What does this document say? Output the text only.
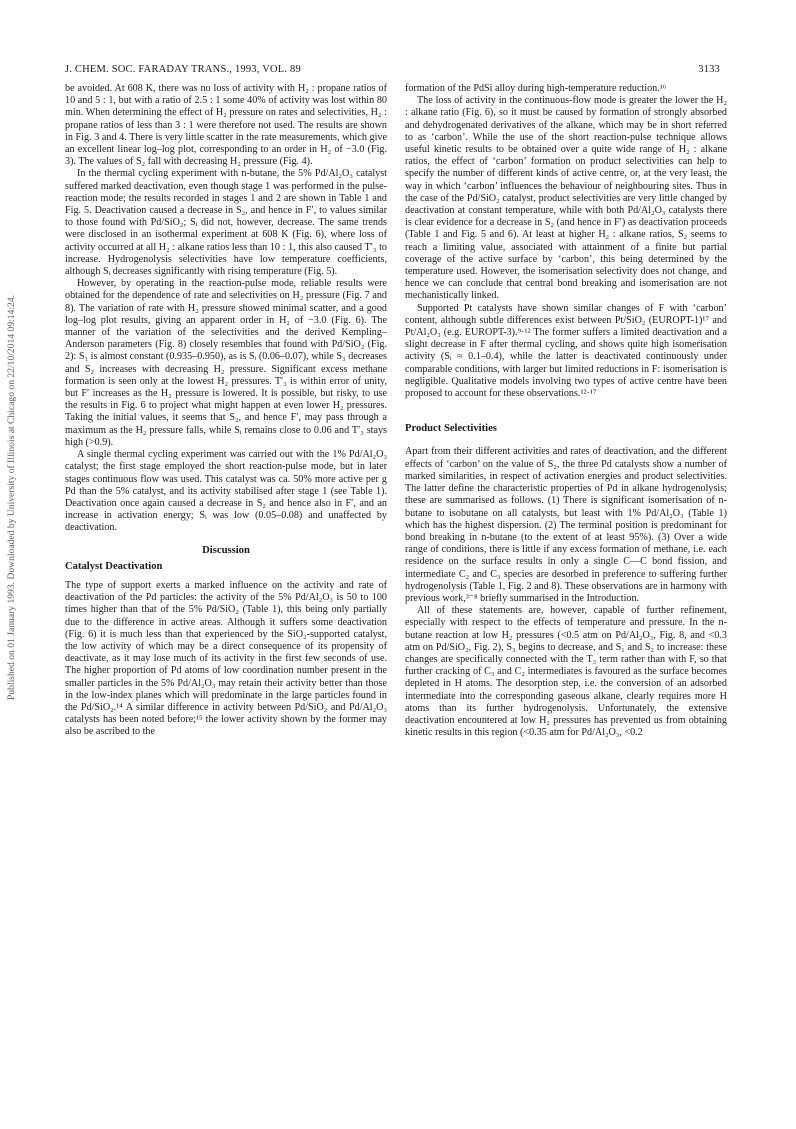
J. CHEM. SOC. FARADAY TRANS., 1993, VOL. 89	3133
Published on 01 January 1993. Downloaded by University of Illinois at Chicago on 22/10/2014 09:14:24.

be avoided. At 608 K, there was no loss of activity with H₂ : propane ratios of 10 and 5 : 1, but with a ratio of 2.5 : 1 some 40% of activity was lost within 80 min. When determining the effect of H₂ pressure on rates and selectivities, H₂ : propane ratios of less than 3 : 1 were therefore not used. The results are shown in Fig. 3 and 4. There is very little scatter in the rate measurements, which give an excellent linear log–log plot, corresponding to an order in H₂ of −3.0 (Fig. 3). The values of S₂ fall with decreasing H₂ pressure (Fig. 4).

In the thermal cycling experiment with n-butane, the 5% Pd/Al₂O₃ catalyst suffered marked deactivation, even though stage 1 was performed in the pulse-reaction mode; the results recorded in stages 1 and 2 are shown in Table 1 and Fig. 5. Deactivation caused a decrease in S₂, and hence in F′, to values similar to those found with Pd/SiO₂; Sᵢ did not, however, decrease. The same trends were disclosed in an isothermal experiment at 608 K (Fig. 6), where loss of activity occurred at all H₂ : alkane ratios less than 10 : 1, this also caused T′₃ to increase. Hydrogenolysis selectivities have low temperature coefficients, although Sᵢ decreases significantly with rising temperature (Fig. 5).

However, by operating in the reaction-pulse mode, reliable results were obtained for the dependence of rate and selectivities on H₂ pressure (Fig. 7 and 8). The variation of rate with H₂ pressure showed minimal scatter, and a good log–log plot results, giving an apparent order in H₂ of −3.0 (Fig. 6). The manner of the variation of the selectivities and the derived Kempling–Anderson parameters (Fig. 8) closely resembles that found with Pd/SiO₂ (Fig. 2): S₁ is almost constant (0.935–0.950), as is Sᵢ (0.06–0.07), while S₃ decreases and S₂ increases with decreasing H₂ pressure. Significant excess methane formation is seen only at the lowest H₂ pressures. T′₃ is within error of unity, but F′ increases as the H₂ pressure is lowered. It is possible, but risky, to use the results in Fig. 6 to project what might happen at even lower H₂ pressures. Taking the initial values, it seems that S₂, and hence F′, may pass through a maximum as the H₂ pressure falls, while Sᵢ remains close to 0.06 and T′₃ stays high (>0.9).

A single thermal cycling experiment was carried out with the 1% Pd/Al₂O₃ catalyst; the first stage employed the short reaction-pulse mode, but in later stages continuous flow was used. This catalyst was ca. 50% more active per g Pd than the 5% catalyst, and its activity stabilised after stage 1 (see Table 1). Deactivation once again caused a decrease in S₂ and hence also in F′, and an increase in activation energy; Sᵢ was low (0.05–0.08) and unaffected by deactivation.

Discussion
Catalyst Deactivation

The type of support exerts a marked influence on the activity and rate of deactivation of the Pd particles: the activity of the 5% Pd/Al₂O₃ is 50 to 100 times higher than that of the 5% Pd/SiO₂ (Table 1), this being only partially due to the difference in active areas. Although it suffers some deactivation (Fig. 6) it is much less than that experienced by the SiO₂-supported catalyst, the low activity of which may be a direct consequence of its propensity of deactivate, as it may lose much of its activity in the first few seconds of use. The higher proportion of Pd atoms of low coordination number present in the smaller particles in the 5% Pd/Al₂O₃ may retain their activity better than those in the low-index planes which will predominate in the large particles found in the Pd/SiO₂.¹⁴ A similar difference in activity between Pd/SiO₂ and Pd/Al₂O₃ catalysts has been noted before;¹⁵ the lower activity shown by the former may also be ascribed to the

formation of the PdSi alloy during high-temperature reduction.¹⁶

The loss of activity in the continuous-flow mode is greater the lower the H₂ : alkane ratio (Fig. 6), so it must be caused by formation of strongly absorbed and dehydrogenated derivatives of the alkane, which may be in short referred to as ‘carbon’. While the use of the short reaction-pulse technique allows useful kinetic results to be obtained over a quite wide range of H₂ : alkane ratios, the effect of ‘carbon’ formation on product selectivities can help to specify the number of different kinds of active centre, or, at the very least, the way in which ‘carbon’ influences the behaviour of neighbouring sites. Thus in the case of the Pd/SiO₂ catalyst, product selectivities are very little changed by deactivation at constant temperature, while with both Pd/Al₂O₃ catalysts there is clear evidence for a decrease in S₂ (and hence in F′) as deactivation proceeds (Table 1 and Fig. 5 and 6). At least at higher H₂ : alkane ratios, S₂ seems to reach a limiting value, associated with attainment of a finite but partial coverage of the active surface by ‘carbon’, this being determined by the temperature used. However, the isomerisation selectivity does not change, and hence we can conclude that central bond breaking and isomerisation are not mechanistically linked.

Supported Pt catalysts have shown similar changes of F with ‘carbon’ content, although subtle differences exist between Pt/SiO₂ (EUROPT-1)¹⁷ and Pt/Al₂O₃ (e.g. EUROPT-3).⁹·¹² The former suffers a limited deactivation and a slight decrease in F after thermal cycling, and shows quite high isomerisation activity (Sᵢ ≈ 0.1–0.4), while the latter is deactivated continuously under comparable conditions, with larger but limited reductions in F: isomerisation is negligible. Qualitative models involving two types of active centre have been proposed to account for these observations.¹²·¹⁷

Product Selectivities

Apart from their different activities and rates of deactivation, and the different effects of ‘carbon’ on the value of S₂, the three Pd catalysts show a number of marked similarities, in respect of activation energies and product selectivities. The latter define the characteristic properties of Pd in alkane hydrogenolysis; these are summarised as follows. (1) There is significant isomerisation of n-butane to isobutane on all catalysts, but least with 1% Pd/Al₂O₃ (Table 1) which has the highest dispersion. (2) The terminal position is predominant for bond breaking in n-butane (to the extent of at least 95%). (3) Over a wide range of conditions, there is little if any excess formation of methane, i.e. each residence on the surface results in only a single C—C bond fission, and intermediate C₂ and C₃ species are desorbed in preference to suffering further hydrogenolysis (Table 1, Fig. 2 and 8). These observations are in harmony with previous work,³⁻⁸ briefly summarised in the Introduction.

All of these statements are, however, capable of further refinement, especially with respect to the effects of temperature and pressure. In the n-butane reaction at low H₂ pressures (<0.5 atm on Pd/Al₂O₃, Fig. 8, and <0.3 atm on Pd/SiO₂, Fig. 2), S₃ begins to decrease, and S₁ and S₂ to increase: these changes are specifically connected with the T₃ term rather than with F, so that further cracking of C₃ and C₂ intermediates is favoured as the surface becomes depleted in H atoms. The desorption step, i.e. the conversion of an adsorbed intermediate into the corresponding gaseous alkane, clearly requires more H atoms than its further hydrogenolysis. Unfortunately, the extensive deactivation encountered at low H₂ pressures has prevented us from obtaining kinetic results in this region (<0.35 atm for Pd/Al₂O₃, <0.2
